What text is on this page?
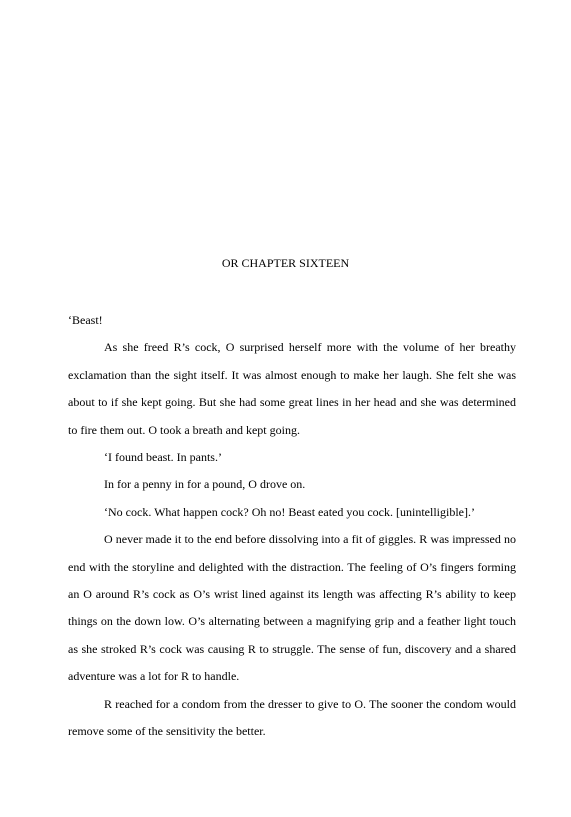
OR CHAPTER SIXTEEN

‘Beast!

As she freed R’s cock, O surprised herself more with the volume of her breathy exclamation than the sight itself. It was almost enough to make her laugh. She felt she was about to if she kept going. But she had some great lines in her head and she was determined to fire them out. O took a breath and kept going.

‘I found beast. In pants.’

In for a penny in for a pound, O drove on.

‘No cock. What happen cock? Oh no! Beast eated you cock. [unintelligible].’

O never made it to the end before dissolving into a fit of giggles. R was impressed no end with the storyline and delighted with the distraction. The feeling of O’s fingers forming an O around R’s cock as O’s wrist lined against its length was affecting R’s ability to keep things on the down low. O’s alternating between a magnifying grip and a feather light touch as she stroked R’s cock was causing R to struggle. The sense of fun, discovery and a shared adventure was a lot for R to handle.

R reached for a condom from the dresser to give to O. The sooner the condom would remove some of the sensitivity the better.
